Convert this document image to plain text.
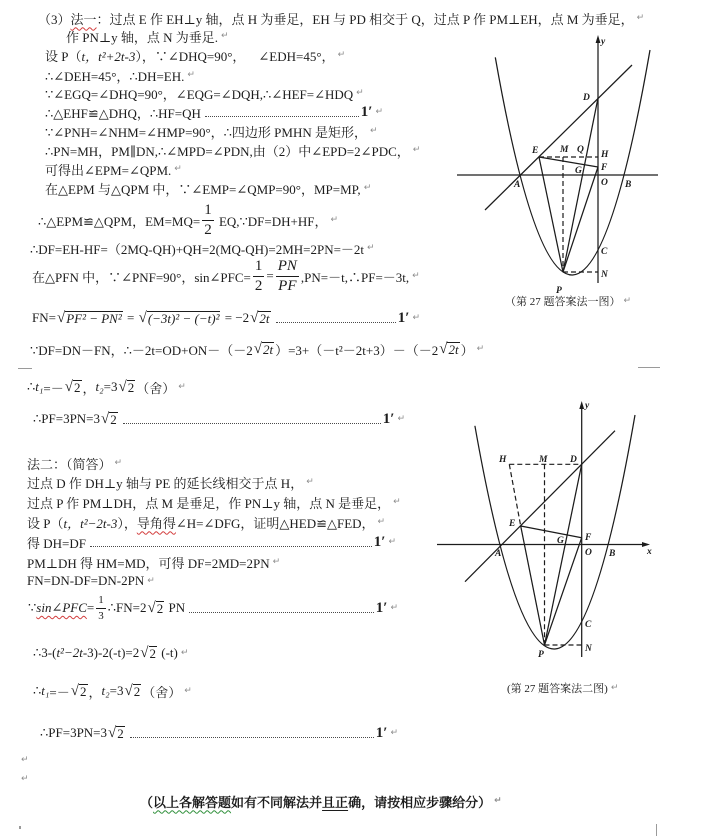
（3） 法一 ：过点 E 作 EH⊥y 轴，点 H 为垂足，EH 与 PD 相交于 Q，过点 P 作 PM⊥EH，点 M 为垂足， ↵
作 PN⊥y 轴，点 N 为垂足. ↵
设 P（ t，t²+2t-3 ），∵∠DHQ=90°，    ∠EDH=45°， ↵
∴∠DEH=45°，∴DH=EH. ↵
∵∠EGQ=∠DHQ=90°，∠EQG=∠DQH,∴∠HEF=∠HDQ ↵
∴△EHF≌△DHQ，∴HF=QH	1′ ↵
∵∠PNH=∠NHM=∠HMP=90°，∴四边形 PMHN 是矩形， ↵
∴PN=MH，PM∥DN,∴∠MPD=∠PDN,由（2）中∠EPD=2∠PDC， ↵
可得出∠EPM=∠QPM. ↵
在△EPM 与△QPM 中，∵∠EMP=∠QMP=90°，MP=MP, ↵
∴△EPM≌△QPM，$EM=MQ= \frac{1}{2}$ EQ,∵DF=DH+HF， ↵
∴DF=EH-HF=（2MQ-QH)+QH=2(MQ-QH)=2MH=2PN=－2t ↵
在△PFN 中，∵∠PNF=90°，sin∠PFC= $\frac{1}{2} = \frac{PN}{PF}$ ,PN=－t,∴PF=－3t, ↵
FN= √ PF² − PN² = √ (−3t)² − (−t)² = −2 √ 2t	1′ ↵
∵DF=DN－FN，∴－2t=OD+ON－（－2 √ 2t ）=3+（－t²－2t+3）－（－2 √ 2t ） ↵
∴ t₁ =－ √ 2 ， t₂ =3 √ 2 （舍） ↵
∴PF=3PN=3 √ 2	1′ ↵
法二：（简答） ↵
过点 D 作 DH⊥y 轴与 PE 的延长线相交于点 H， ↵
过点 P 作 PM⊥DH，点 M 是垂足，作 PN⊥y 轴，点 N 是垂足， ↵
设 P（ t，t²−2t-3 ）， 导角得 ∠H=∠DFG，证明△HED≌△FED， ↵
得 DH=DF	1′ ↵
PM⊥DH 得 HM=MD，可得 DF=2MD=2PN ↵
FN=DN-DF=DN-2PN ↵
∵ sin∠PFC = $\frac{1}{3}$ ∴FN=2 √ 2 PN	1′ ↵
∴3-( t²−2t -3)-2(-t)=2 √ 2 (-t) ↵
∴ t₁ =－ √ 2 ， t₂ =3 √ 2 （舍） ↵
∴PF=3PN=3 √ 2	1′ ↵
↵
↵
（ 以上各解答题 如有不同解法并 且正 确，请按相应步骤给分） ↵
y
D
E M Q H
F
G
O
A	B
C
N
P
（第 27 题答案法一图） ↵
y
x
H	M D
E
F
G
O
A	B
C
N
P
(第 27 题答案法二图) ↵
